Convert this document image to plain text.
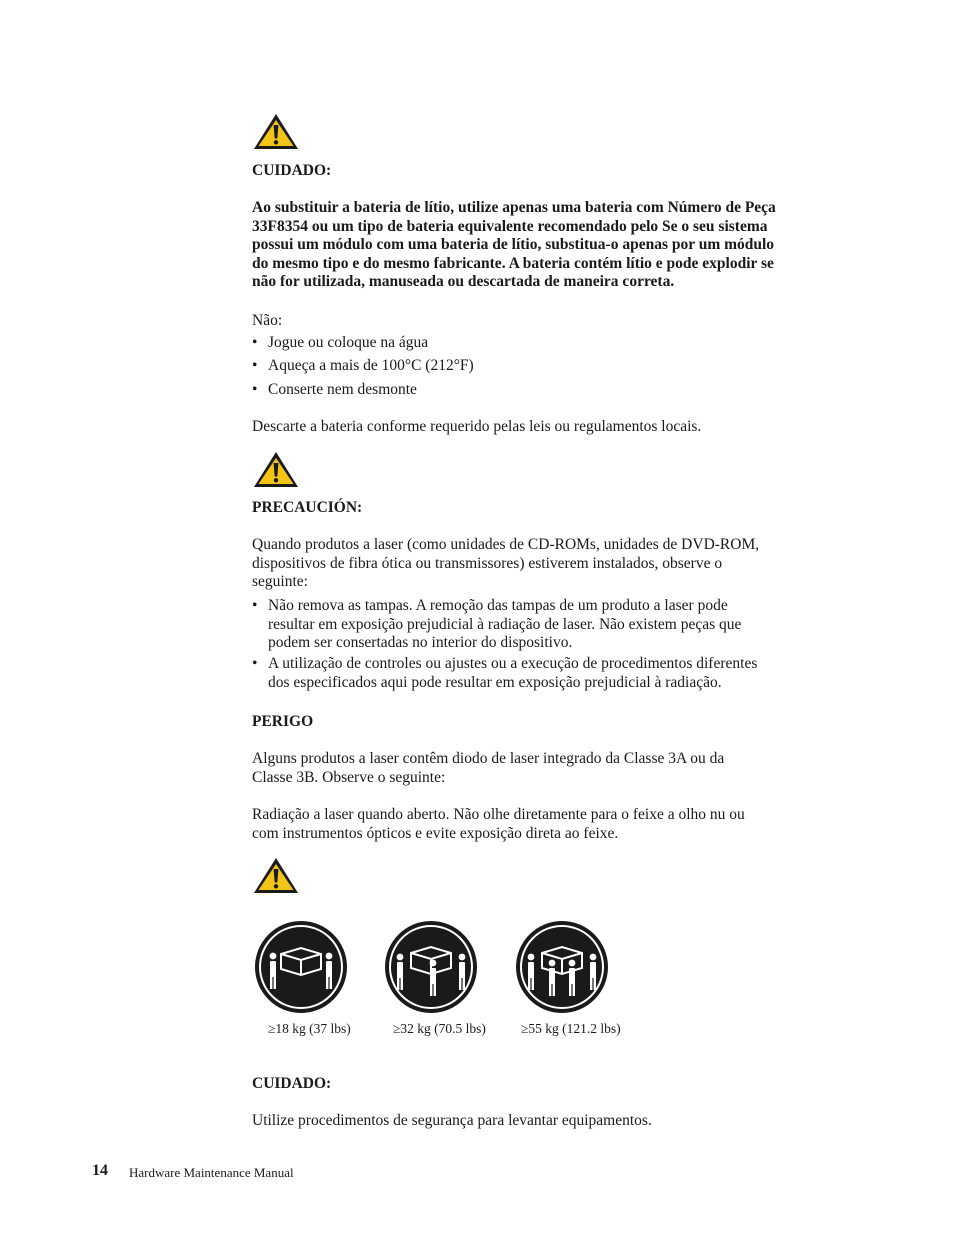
CUIDADO:
Ao substituir a bateria de lítio, utilize apenas uma bateria com Número de Peça
33F8354 ou um tipo de bateria equivalente recomendado pelo Se o seu sistema
possui um módulo com uma bateria de lítio, substitua-o apenas por um módulo
do mesmo tipo e do mesmo fabricante. A bateria contém lítio e pode explodir se
não for utilizada, manuseada ou descartada de maneira correta.
Não:
• Jogue ou coloque na água
• Aqueça a mais de 100°C (212°F)
• Conserte nem desmonte
Descarte a bateria conforme requerido pelas leis ou regulamentos locais.
PRECAUCIÓN:
Quando produtos a laser (como unidades de CD-ROMs, unidades de DVD-ROM,
dispositivos de fibra ótica ou transmissores) estiverem instalados, observe o
seguinte:
• Não remova as tampas. A remoção das tampas de um produto a laser pode
resultar em exposição prejudicial à radiação de laser. Não existem peças que
podem ser consertadas no interior do dispositivo.
• A utilização de controles ou ajustes ou a execução de procedimentos diferentes
dos especificados aqui pode resultar em exposição prejudicial à radiação.
PERIGO
Alguns produtos a laser contêm diodo de laser integrado da Classe 3A ou da
Classe 3B. Observe o seguinte:
Radiação a laser quando aberto. Não olhe diretamente para o feixe a olho nu ou
com instrumentos ópticos e evite exposição direta ao feixe.
≥18 kg (37 lbs)	≥32 kg (70.5 lbs)	≥55 kg (121.2 lbs)
CUIDADO:
Utilize procedimentos de segurança para levantar equipamentos.
14 Hardware Maintenance Manual
